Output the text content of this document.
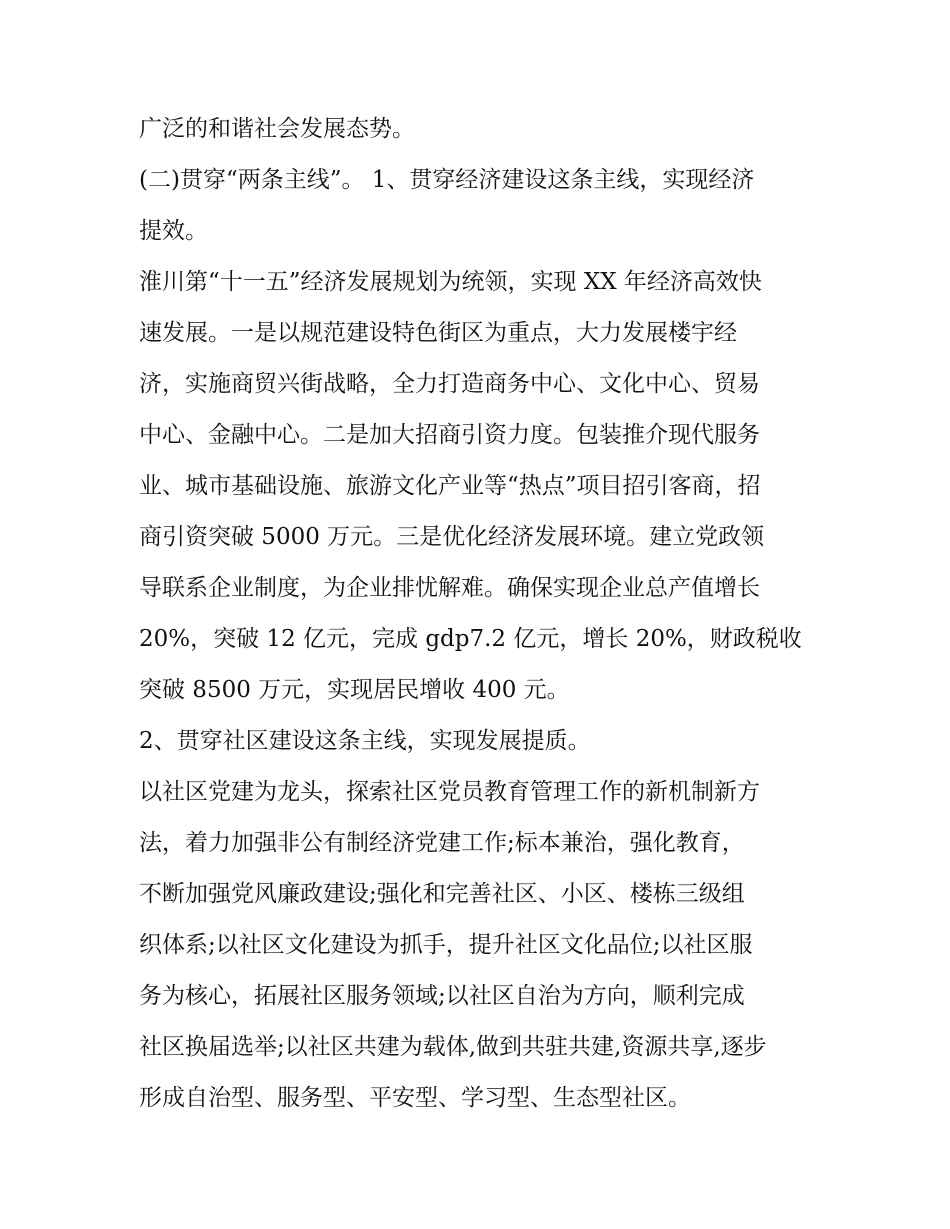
广泛的和谐社会发展态势。
(二)贯穿“两条主线”。 1、贯穿经济建设这条主线，实现经济
提效。
淮川第“十一五”经济发展规划为统领，实现 XX 年经济高效快
速发展。一是以规范建设特色街区为重点，大力发展楼宇经
济，实施商贸兴街战略，全力打造商务中心、文化中心、贸易
中心、金融中心。二是加大招商引资力度。包装推介现代服务
业、城市基础设施、旅游文化产业等“热点”项目招引客商，招
商引资突破 5000 万元。三是优化经济发展环境。建立党政领
导联系企业制度，为企业排忧解难。确保实现企业总产值增长
20%，突破 12 亿元，完成 gdp7.2 亿元，增长 20%，财政税收
突破 8500 万元，实现居民增收 400 元。
2、贯穿社区建设这条主线，实现发展提质。
以社区党建为龙头，探索社区党员教育管理工作的新机制新方
法，着力加强非公有制经济党建工作;标本兼治，强化教育，
不断加强党风廉政建设;强化和完善社区、小区、楼栋三级组
织体系;以社区文化建设为抓手，提升社区文化品位;以社区服
务为核心，拓展社区服务领域;以社区自治为方向，顺利完成
社区换届选举;以社区共建为载体,做到共驻共建,资源共享,逐步
形成自治型、服务型、平安型、学习型、生态型社区。
